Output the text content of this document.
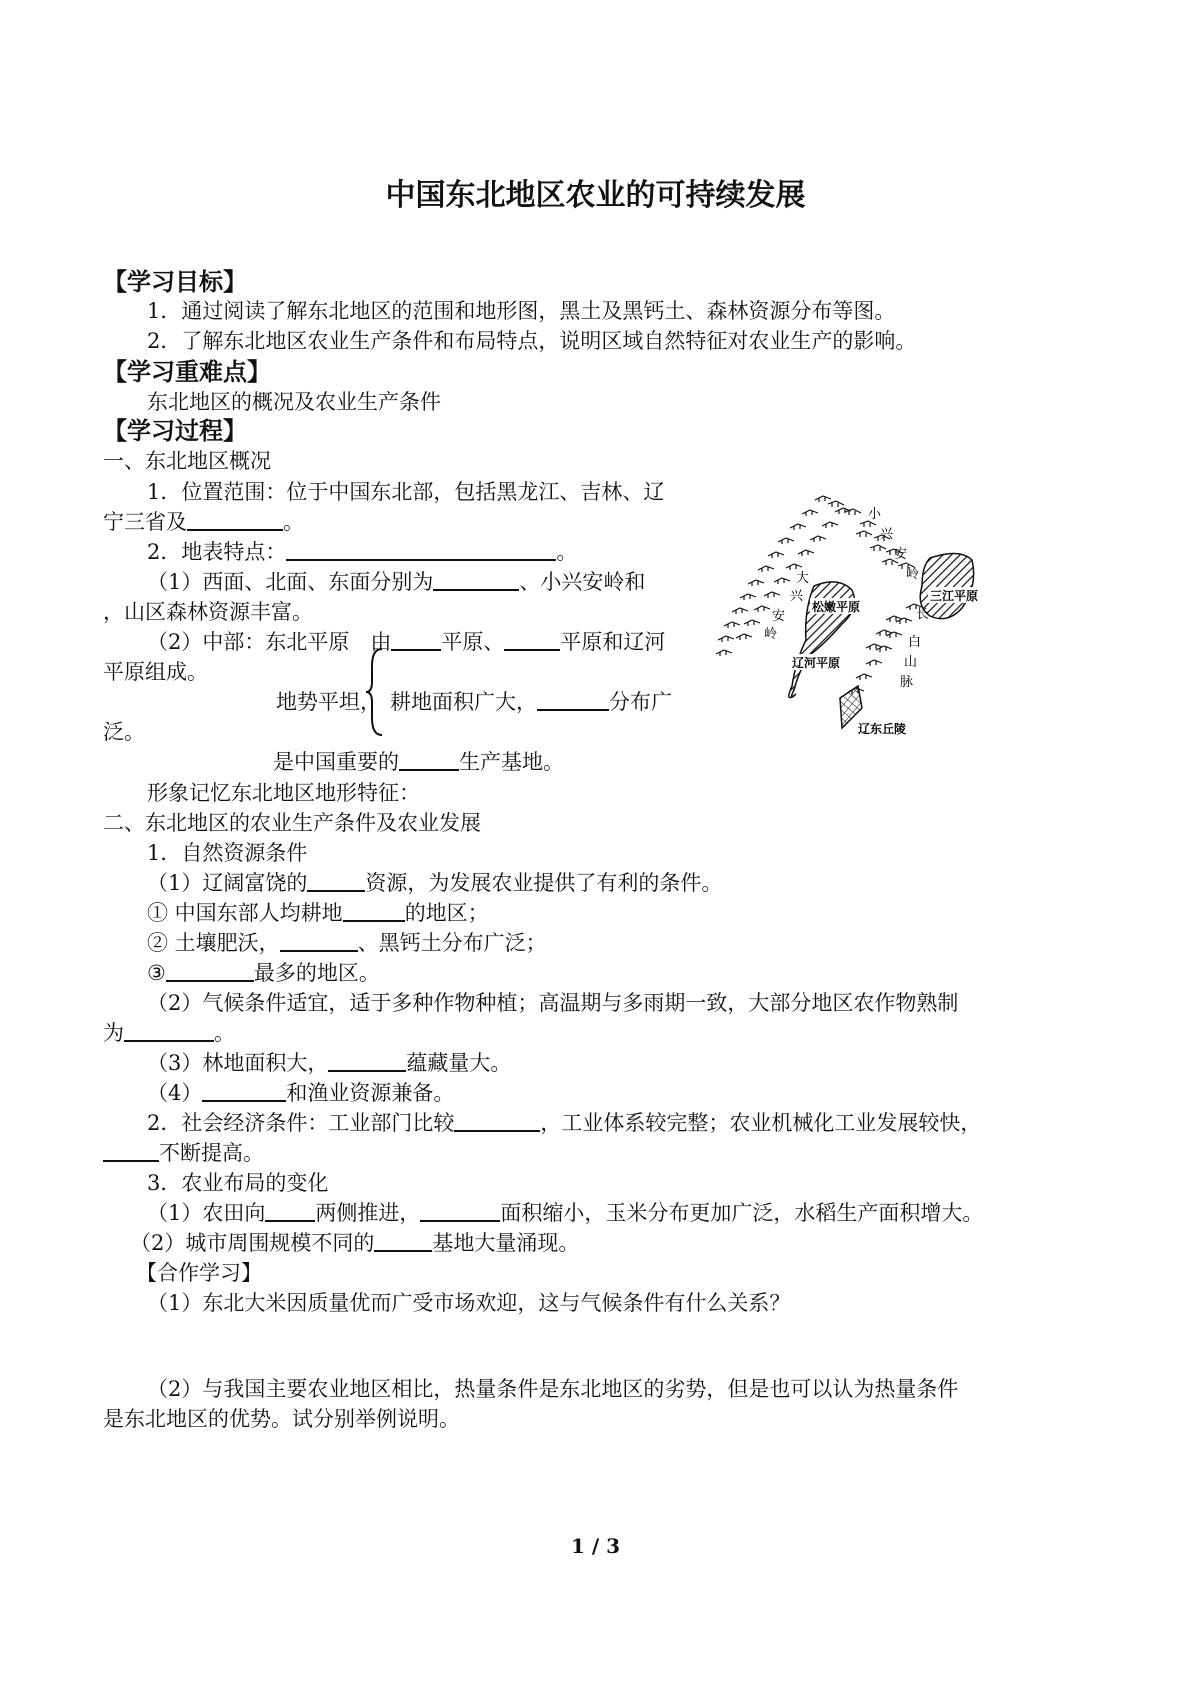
中国东北地区农业的可持续发展
【学习目标】
1．通过阅读了解东北地区的范围和地形图，黑土及黑钙土、森林资源分布等图。
2．了解东北地区农业生产条件和布局特点，说明区域自然特征对农业生产的影响。
【学习重难点】
东北地区的概况及农业生产条件
【学习过程】
一、东北地区概况
1．位置范围：位于中国东北部，包括黑龙江、吉林、辽
宁三省及	。
2．地表特点：	。
（1）西面、北面、东面分别为	、小兴安岭和
，山区森林资源丰富。
（2）中部：东北平原　由 平原、	平原和辽河
平原组成。
地势平坦， 耕地面积广大，	分布广
泛。
是中国重要的	生产基地。
形象记忆东北地区地形特征：
松嫩平原
辽河平原
三江平原
辽东丘陵
小
兴
安
岭
大
兴
安
岭
长
白
山
脉
二、东北地区的农业生产条件及农业发展
1．自然资源条件
（1）辽阔富饶的	资源，为发展农业提供了有利的条件。
① 中国东部人均耕地	的地区；
② 土壤肥沃，	、黑钙土分布广泛；
③	最多的地区。
（2）气候条件适宜，适于多种作物种植；高温期与多雨期一致，大部分地区农作物熟制
为	。
（3）林地面积大，	蕴藏量大。
（4）	和渔业资源兼备。
2．社会经济条件：工业部门比较	，工业体系较完整；农业机械化工业发展较快，
不断提高。
3．农业布局的变化
（1）农田向 两侧推进，	面积缩小，玉米分布更加广泛，水稻生产面积增大。
（2）城市周围规模不同的	基地大量涌现。
【合作学习】
（1）东北大米因质量优而广受市场欢迎，这与气候条件有什么关系？
（2）与我国主要农业地区相比，热量条件是东北地区的劣势，但是也可以认为热量条件
是东北地区的优势。试分别举例说明。
1 / 3
